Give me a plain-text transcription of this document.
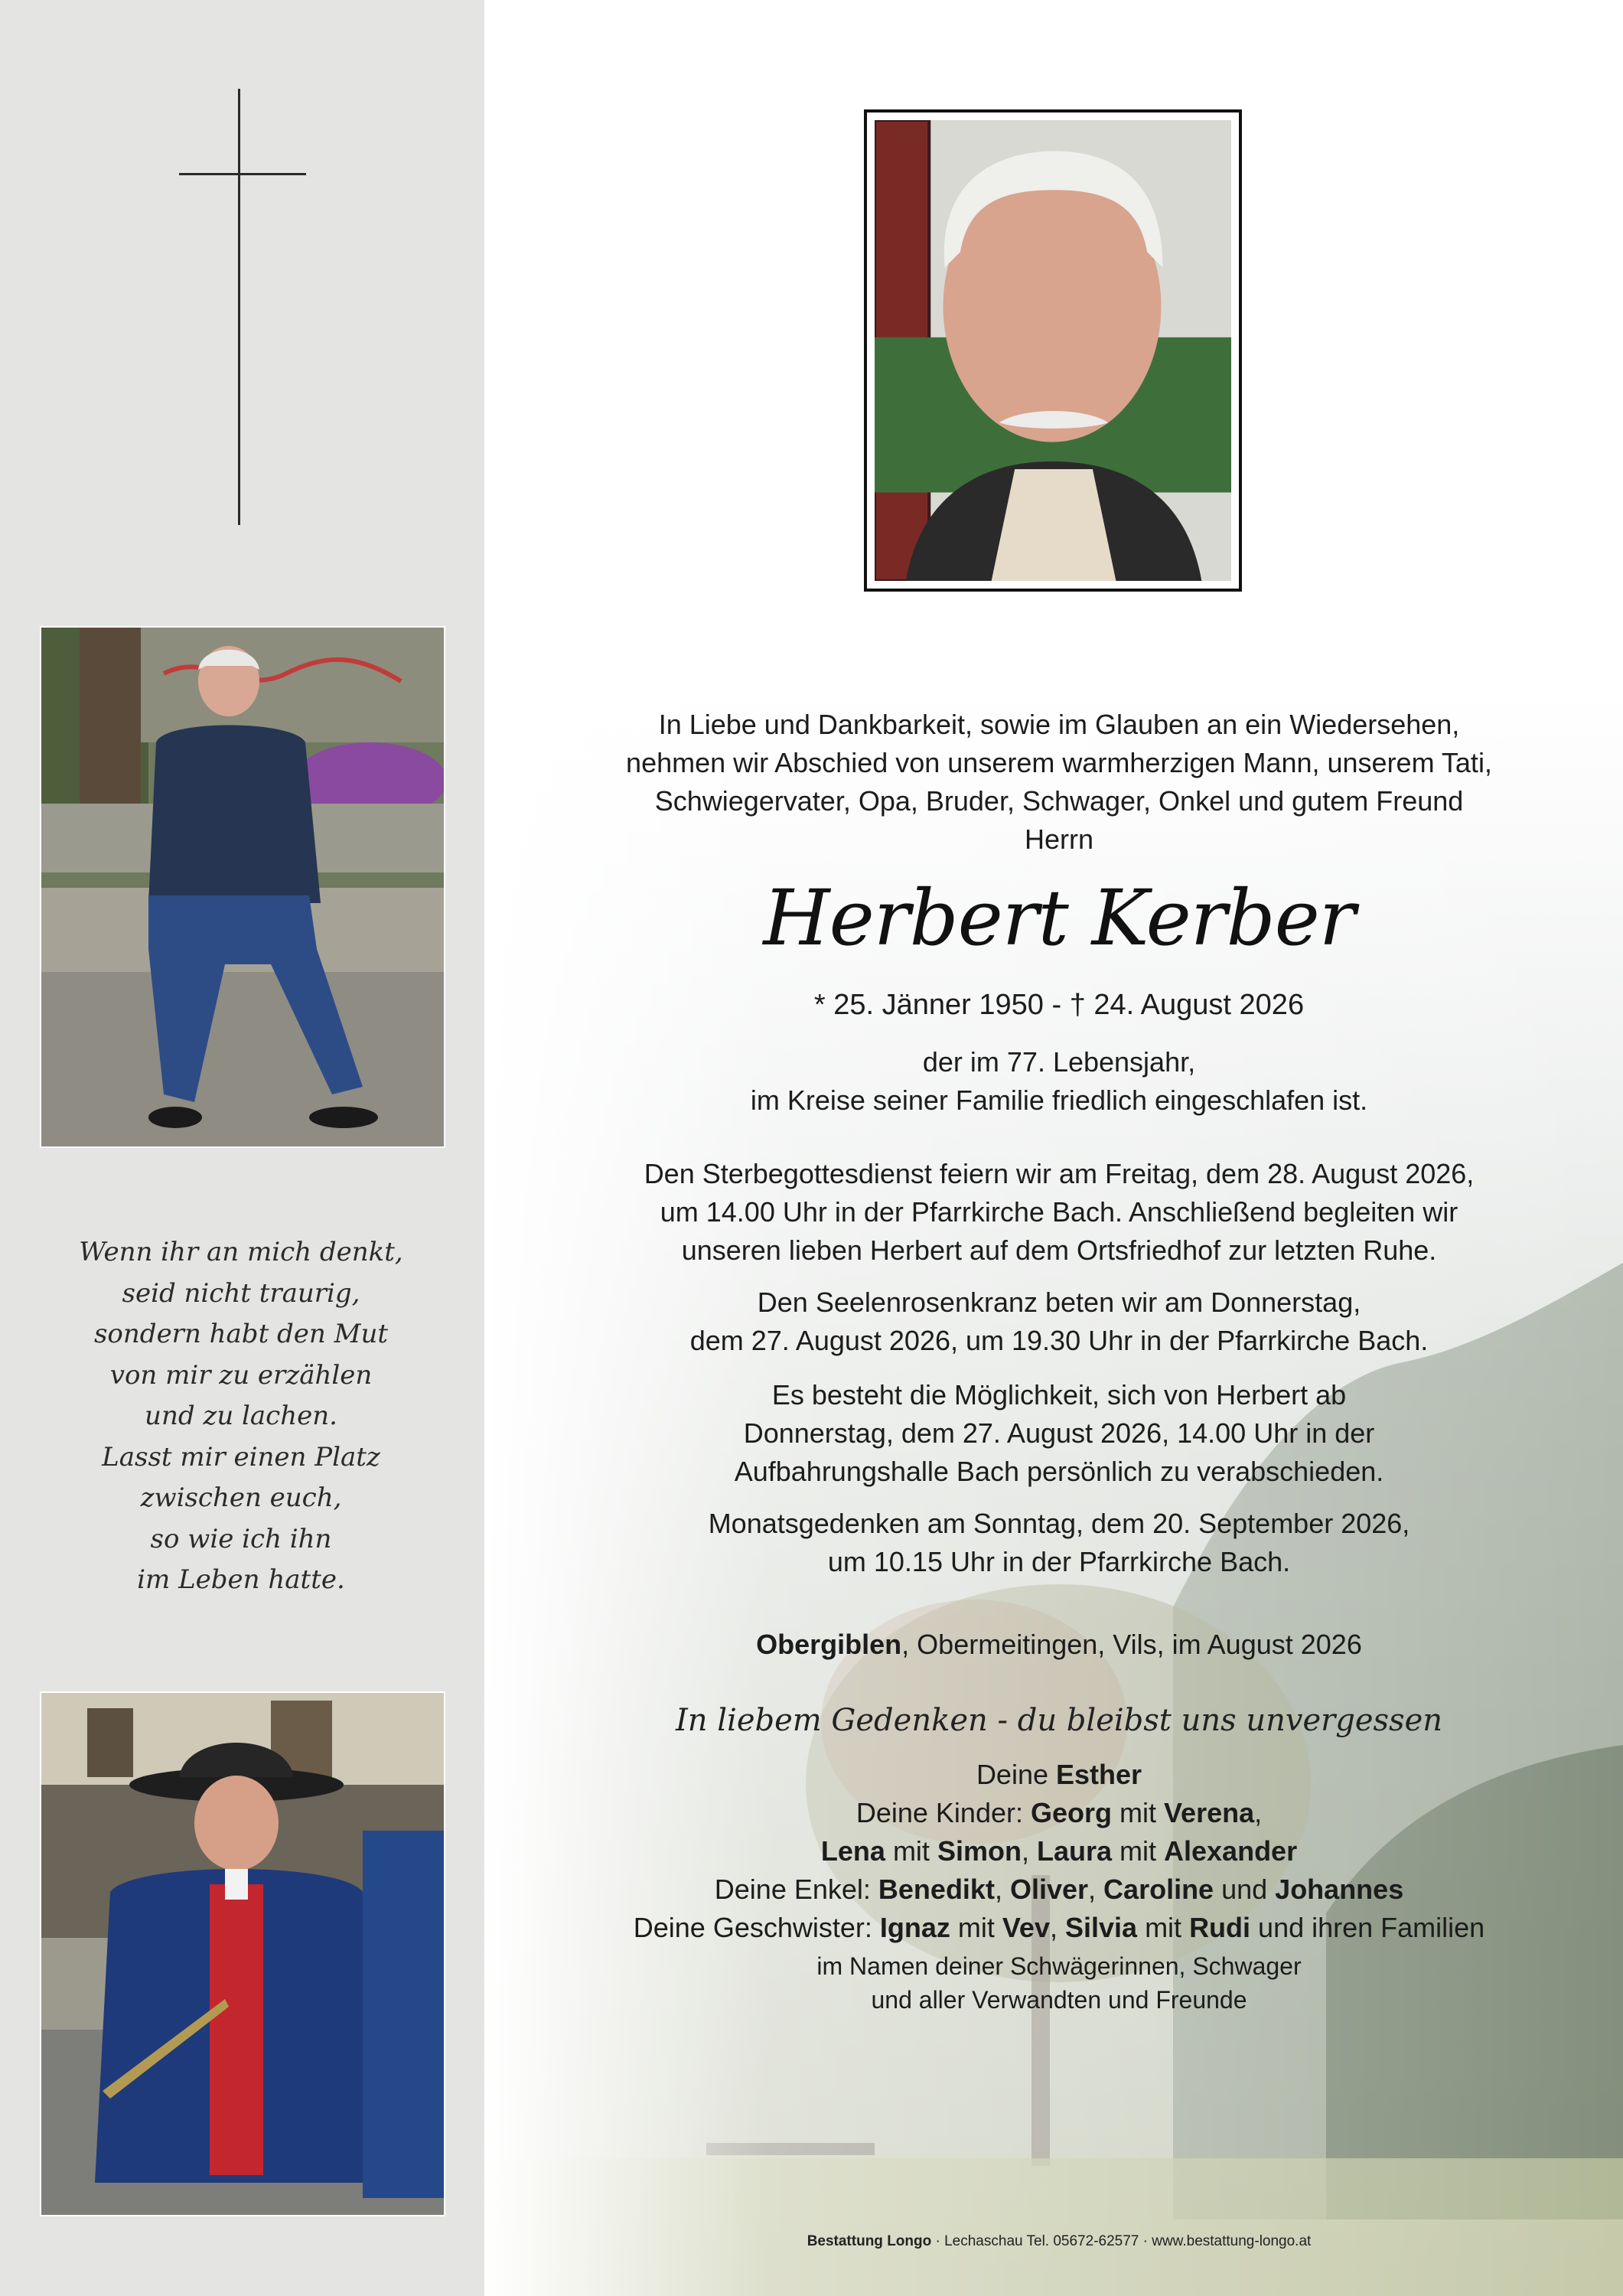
Wenn ihr an mich denkt,
seid nicht traurig,
sondern habt den Mut
von mir zu erzählen
und zu lachen.
Lasst mir einen Platz
zwischen euch,
so wie ich ihn
im Leben hatte.
In Liebe und Dankbarkeit, sowie im Glauben an ein Wiedersehen,
nehmen wir Abschied von unserem warmherzigen Mann, unserem Tati,
Schwiegervater, Opa, Bruder, Schwager, Onkel und gutem Freund
Herrn
Herbert Kerber
* 25. Jänner 1950 - † 24. August 2026
der im 77. Lebensjahr,
im Kreise seiner Familie friedlich eingeschlafen ist.
Den Sterbegottesdienst feiern wir am Freitag, dem 28. August 2026,
um 14.00 Uhr in der Pfarrkirche Bach. Anschließend begleiten wir
unseren lieben Herbert auf dem Ortsfriedhof zur letzten Ruhe.
Den Seelenrosenkranz beten wir am Donnerstag,
dem 27. August 2026, um 19.30 Uhr in der Pfarrkirche Bach.
Es besteht die Möglichkeit, sich von Herbert ab
Donnerstag, dem 27. August 2026, 14.00 Uhr in der
Aufbahrungshalle Bach persönlich zu verabschieden.
Monatsgedenken am Sonntag, dem 20. September 2026,
um 10.15 Uhr in der Pfarrkirche Bach.
Obergiblen, Obermeitingen, Vils, im August 2026
In liebem Gedenken - du bleibst uns unvergessen
Deine Esther
Deine Kinder: Georg mit Verena,
Lena mit Simon, Laura mit Alexander
Deine Enkel: Benedikt, Oliver, Caroline und Johannes
Deine Geschwister: Ignaz mit Vev, Silvia mit Rudi und ihren Familien
im Namen deiner Schwägerinnen, Schwager
und aller Verwandten und Freunde
Bestattung Longo · Lechaschau Tel. 05672-62577 · www.bestattung-longo.at
